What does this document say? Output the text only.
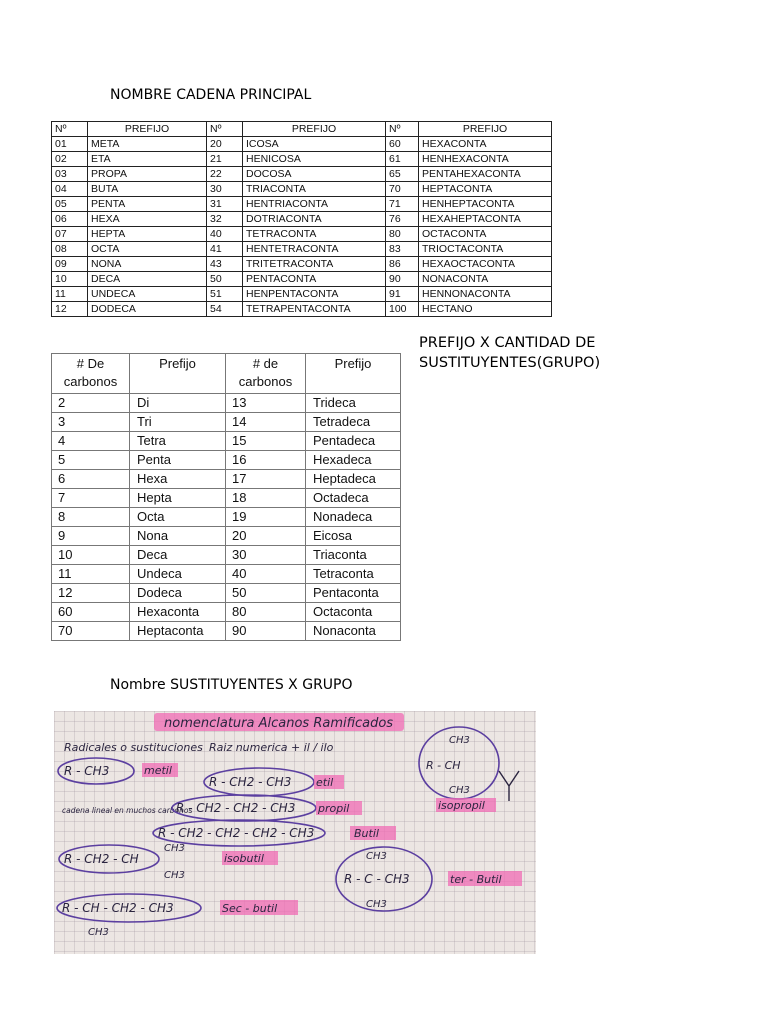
NOMBRE CADENA PRINCIPAL
Nº	PREFIJO	Nº	PREFIJO	Nº	PREFIJO
01	META	20	ICOSA	60	HEXACONTA
02	ETA	21	HENICOSA	61	HENHEXACONTA
03	PROPA	22	DOCOSA	65	PENTAHEXACONTA
04	BUTA	30	TRIACONTA	70	HEPTACONTA
05	PENTA	31	HENTRIACONTA	71	HENHEPTACONTA
06	HEXA	32	DOTRIACONTA	76	HEXAHEPTACONTA
07	HEPTA	40	TETRACONTA	80	OCTACONTA
08	OCTA	41	HENTETRACONTA	83	TRIOCTACONTA
09	NONA	43	TRITETRACONTA	86	HEXAOCTACONTA
10	DECA	50	PENTACONTA	90	NONACONTA
11	UNDECA	51	HENPENTACONTA	91	HENNONACONTA
12	DODECA	54	TETRAPENTACONTA	100	HECTANO
PREFIJO X CANTIDAD DE
SUSTITUYENTES(GRUPO)
# De
carbonos	Prefijo	# de
carbonos	Prefijo

2	Di	13	Trideca
3	Tri	14	Tetradeca
4	Tetra	15	Pentadeca
5	Penta	16	Hexadeca
6	Hexa	17	Heptadeca
7	Hepta	18	Octadeca
8	Octa	19	Nonadeca
9	Nona	20	Eicosa
10	Deca	30	Triaconta
11	Undeca	40	Tetraconta
12	Dodeca	50	Pentaconta
60	Hexaconta	80	Octaconta
70	Heptaconta	90	Nonaconta
Nombre SUSTITUYENTES X GRUPO
nomenclatura Alcanos Ramificados
Radicales o sustituciones Raiz numerica + il / ilo
R - CH3	metil
cadena lineal en muchos carbonos
R - CH2 - CH3 etil
R - CH2 - CH2 - CH3 propil
R - CH2 - CH2 - CH2 - CH3	Butil
R - CH2 - CH
CH3
CH3
isobutil
R - CH - CH2 - CH3
CH3
Sec - butil
CH3
R - C - CH3
CH3
ter - Butil
CH3
R - CH
CH3
isopropil
